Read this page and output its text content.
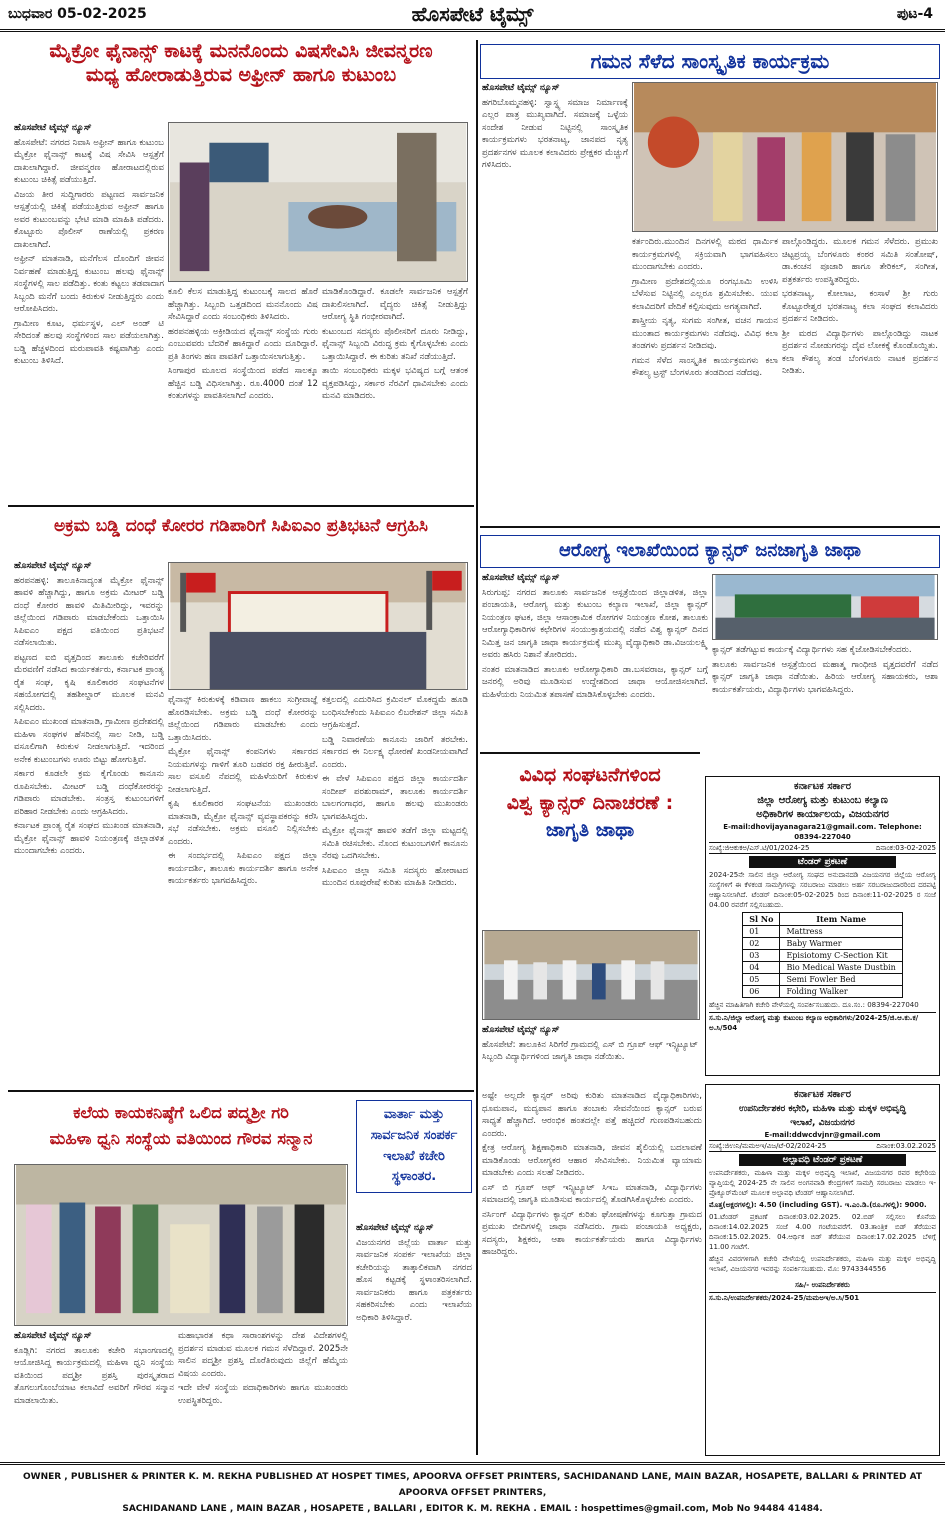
ಬುಧವಾರ 05-02-2025	ಹೊಸಪೇಟೆ ಟೈಮ್ಸ್	ಪುಟ-4
ಮೈಕ್ರೋ ಫೈನಾನ್ಸ್ ಕಾಟಕ್ಕೆ ಮನನೊಂದು ವಿಷಸೇವಿಸಿ ಜೀವನ್ಮರಣ
ಮಧ್ಯ ಹೋರಾಡುತ್ತಿರುವ ಅಫ್ರೀನ್ ಹಾಗೂ ಕುಟುಂಬ
ಹೊಸಪೇಟೆ ಟೈಮ್ಸ್ ನ್ಯೂಸ್

ಹೊಸಪೇಟೆ: ನಗರದ ನಿವಾಸಿ ಅಫ್ರೀನ್ ಹಾಗೂ ಕುಟುಂಬ ಮೈಕ್ರೋ ಫೈನಾನ್ಸ್ ಕಾಟಕ್ಕೆ ವಿಷ ಸೇವಿಸಿ ಆಸ್ಪತ್ರೆಗೆ ದಾಖಲಾಗಿದ್ದಾರೆ. ಜೀವನ್ಮರಣ ಹೋರಾಟದಲ್ಲಿರುವ ಕುಟುಂಬ ಚಿಕಿತ್ಸೆ ಪಡೆಯುತ್ತಿದೆ.

ವಿಜಯ ತೀರ ಸುದ್ದಿಗಾರರು ಪಟ್ಟಣದ ಸಾರ್ವಜನಿಕ ಆಸ್ಪತ್ರೆಯಲ್ಲಿ ಚಿಕಿತ್ಸೆ ಪಡೆಯುತ್ತಿರುವ ಅಫ್ರೀನ್ ಹಾಗೂ ಅವರ ಕುಟುಂಬವನ್ನು ಭೇಟಿ ಮಾಡಿ ಮಾಹಿತಿ ಪಡೆದರು. ಕೊಟ್ಟೂರು ಪೊಲೀಸ್ ಠಾಣೆಯಲ್ಲಿ ಪ್ರಕರಣ ದಾಖಲಾಗಿದೆ.

ಅಫ್ರೀನ್ ಮಾತನಾಡಿ, ಮನೆಗೆಲಸ ದೊಂದಿಗೆ ಜೀವನ ನಿರ್ವಹಣೆ ಮಾಡುತ್ತಿದ್ದ ಕುಟುಂಬ ಹಲವು ಫೈನಾನ್ಸ್ ಸಂಸ್ಥೆಗಳಲ್ಲಿ ಸಾಲ ಪಡೆದಿತ್ತು. ಕಂತು ಕಟ್ಟಲು ತಡವಾದಾಗ ಸಿಬ್ಬಂದಿ ಮನೆಗೆ ಬಂದು ಕಿರುಕುಳ ನೀಡುತ್ತಿದ್ದರು ಎಂದು ಆರೋಪಿಸಿದರು.

ಗ್ರಾಮೀಣ ಕೂಟ, ಧರ್ಮಸ್ಥಳ, ಎಲ್ ಅಂಡ್ ಟಿ ಸೇರಿದಂತೆ ಹಲವು ಸಂಸ್ಥೆಗಳಿಂದ ಸಾಲ ಪಡೆಯಲಾಗಿತ್ತು. ಬಡ್ಡಿ ಹೆಚ್ಚಳದಿಂದ ಮರುಪಾವತಿ ಕಷ್ಟವಾಗಿತ್ತು ಎಂದು ಕುಟುಂಬ ತಿಳಿಸಿದೆ.

ಕೂಲಿ ಕೆಲಸ ಮಾಡುತ್ತಿದ್ದ ಕುಟುಂಬಕ್ಕೆ ಸಾಲದ ಹೊರೆ ಹೆಚ್ಚಾಗಿತ್ತು. ಸಿಬ್ಬಂದಿ ಒತ್ತಡದಿಂದ ಮನನೊಂದು ವಿಷ ಸೇವಿಸಿದ್ದಾರೆ ಎಂದು ಸಂಬಂಧಿಕರು ತಿಳಿಸಿದರು.

ಹರಪನಹಳ್ಳಿಯ ಅಕ್ರೀಡಿಯದ ಫೈನಾನ್ಸ್ ಸಂಸ್ಥೆಯ ಗುರು ಎಂಬುವವರು ಬೆದರಿಕೆ ಹಾಕಿದ್ದಾರೆ ಎಂದು ದೂರಿದ್ದಾರೆ. ಪ್ರತಿ ತಿಂಗಳು ಹಣ ಪಾವತಿಗೆ ಒತ್ತಾಯಿಸಲಾಗುತ್ತಿತ್ತು.

ಸಿಂಗಾಪುರ ಮೂಲದ ಸಂಸ್ಥೆಯಿಂದ ಪಡೆದ ಸಾಲಕ್ಕೂ ಹೆಚ್ಚಿನ ಬಡ್ಡಿ ವಿಧಿಸಲಾಗಿತ್ತು. ರೂ.4000 ದಂತೆ 12 ಕಂತುಗಳನ್ನು ಪಾವತಿಸಲಾಗಿದೆ ಎಂದರು.

ಮಾಡಿಕೊಂಡಿದ್ದಾರೆ. ಕೂಡಲೇ ಸಾರ್ವಜನಿಕ ಆಸ್ಪತ್ರೆಗೆ ದಾಖಲಿಸಲಾಗಿದೆ. ವೈದ್ಯರು ಚಿಕಿತ್ಸೆ ನೀಡುತ್ತಿದ್ದು ಆರೋಗ್ಯ ಸ್ಥಿತಿ ಗಂಭೀರವಾಗಿದೆ.

ಕುಟುಂಬದ ಸದಸ್ಯರು ಪೊಲೀಸರಿಗೆ ದೂರು ನೀಡಿದ್ದು, ಫೈನಾನ್ಸ್ ಸಿಬ್ಬಂದಿ ವಿರುದ್ಧ ಕ್ರಮ ಕೈಗೊಳ್ಳಬೇಕು ಎಂದು ಒತ್ತಾಯಿಸಿದ್ದಾರೆ. ಈ ಕುರಿತು ತನಿಖೆ ನಡೆಯುತ್ತಿದೆ.

ತಾಯಿ ಸಂಬಂಧಿಕರು ಮಕ್ಕಳ ಭವಿಷ್ಯದ ಬಗ್ಗೆ ಆತಂಕ ವ್ಯಕ್ತಪಡಿಸಿದ್ದು, ಸರ್ಕಾರ ನೆರವಿಗೆ ಧಾವಿಸಬೇಕು ಎಂದು ಮನವಿ ಮಾಡಿದರು.

ಗಮನ ಸೆಳೆದ ಸಾಂಸ್ಕೃತಿಕ ಕಾರ್ಯಕ್ರಮ
ಹೊಸಪೇಟೆ ಟೈಮ್ಸ್ ನ್ಯೂಸ್

ಹಗರಿಬೊಮ್ಮನಹಳ್ಳಿ: ಸ್ವಾಸ್ಥ್ಯ ಸಮಾಜ ನಿರ್ಮಾಣಕ್ಕೆ ಎಲ್ಲರ ಪಾತ್ರ ಮುಖ್ಯವಾಗಿದೆ. ಸಮಾಜಕ್ಕೆ ಒಳ್ಳೆಯ ಸಂದೇಶ ನೀಡುವ ನಿಟ್ಟಿನಲ್ಲಿ ಸಾಂಸ್ಕೃತಿಕ ಕಾರ್ಯಕ್ರಮಗಳು ಭರತನಾಟ್ಯ, ಜಾನಪದ ನೃತ್ಯ ಪ್ರದರ್ಶನಗಳ ಮೂಲಕ ಕಲಾವಿದರು ಪ್ರೇಕ್ಷಕರ ಮೆಚ್ಚುಗೆ ಗಳಿಸಿದರು.

ಕರ್ತಂದಿರು.ಮುಂದಿನ ದಿನಗಳಲ್ಲಿ ಮಠದ ಧಾರ್ಮಿಕ ಕಾರ್ಯಕ್ರಮಗಳಲ್ಲಿ ಸಕ್ರಿಯವಾಗಿ ಭಾಗವಹಿಸಲು ಮುಂದಾಗಬೇಕು ಎಂದರು.

ಗ್ರಾಮೀಣ ಪ್ರದೇಶದಲ್ಲಿಯೂ ರಂಗಭೂಮಿ ಉಳಿಸಿ ಬೆಳೆಸುವ ನಿಟ್ಟಿನಲ್ಲಿ ಎಲ್ಲರೂ ಶ್ರಮಿಸಬೇಕು. ಯುವ ಕಲಾವಿದರಿಗೆ ವೇದಿಕೆ ಕಲ್ಪಿಸುವುದು ಅಗತ್ಯವಾಗಿದೆ.

ಶಾಸ್ತ್ರೀಯ ನೃತ್ಯ, ಸುಗಮ ಸಂಗೀತ, ವಚನ ಗಾಯನ ಮುಂತಾದ ಕಾರ್ಯಕ್ರಮಗಳು ನಡೆದವು. ವಿವಿಧ ಕಲಾ ತಂಡಗಳು ಪ್ರದರ್ಶನ ನೀಡಿದವು.

ಗಮನ ಸೆಳೆದ ಸಾಂಸ್ಕೃತಿಕ ಕಾರ್ಯಕ್ರಮಗಳು ಕಲಾ ಕೌಶಲ್ಯ ಟ್ರಸ್ಟ್ ಬೆಂಗಳೂರು ತಂಡದಿಂದ ನಡೆದವು.

ಪಾಲ್ಗೊಂಡಿದ್ದರು. ಮೂಲಕ ಗಮನ ಸೆಳೆದರು. ಪ್ರಮುಖ ಚಿಟ್ಟಪ್ರಯ್ಯ ಬೆಂಗಳೂರು ಕಂಠರ ಸಮಿತಿ ಸಂತೋಷ್, ಡಾ.ಕಂಚನ ಪೂಜಾರಿ ಹಾಗೂ ತೇರಿಕಲ್, ಸಂಗೀತ, ಪತ್ರಕರ್ತರು ಉಪಸ್ಥಿತರಿದ್ದರು.

ಭರತನಾಟ್ಯ, ಕೋಲಾಟ, ಕಂಸಾಳೆ ಶ್ರೀ ಗುರು ಕೊಟ್ಟೂರೇಶ್ವರ ಭರತನಾಟ್ಯ ಕಲಾ ಸಂಘದ ಕಲಾವಿದರು ಪ್ರದರ್ಶನ ನೀಡಿದರು.

ಶ್ರೀ ಮಠದ ವಿದ್ಯಾರ್ಥಿಗಳು ಪಾಲ್ಗೊಂಡಿದ್ದು ನಾಟಕ ಪ್ರದರ್ಶನ ನೋಡುಗರನ್ನು ದೈವ ಲೋಕಕ್ಕೆ ಕೊಂಡೊಯ್ದಿತು. ಕಲಾ ಕೌಶಲ್ಯ ತಂಡ ಬೆಂಗಳೂರು ನಾಟಕ ಪ್ರದರ್ಶನ ನೀಡಿತು.

ಅಕ್ರಮ ಬಡ್ಡಿ ದಂಧೆ ಕೋರರ ಗಡಿಪಾರಿಗೆ ಸಿಪಿಐಎಂ ಪ್ರತಿಭಟನೆ ಆಗ್ರಹಿಸಿ
ಹೊಸಪೇಟೆ ಟೈಮ್ಸ್ ನ್ಯೂಸ್

ಹರಪನಹಳ್ಳಿ: ತಾಲೂಕಿನಾದ್ಯಂತ ಮೈಕ್ರೋ ಫೈನಾನ್ಸ್ ಹಾವಳಿ ಹೆಚ್ಚಾಗಿದ್ದು, ಹಾಗೂ ಅಕ್ರಮ ಮೀಟರ್ ಬಡ್ಡಿ ದಂಧೆ ಕೋರರ ಹಾವಳಿ ಮಿತಿಮೀರಿದ್ದು, ಇವರನ್ನು ಜಿಲ್ಲೆಯಿಂದ ಗಡಿಪಾರು ಮಾಡಬೇಕೆಂದು ಒತ್ತಾಯಿಸಿ ಸಿಪಿಐಎಂ ಪಕ್ಷದ ವತಿಯಿಂದ ಪ್ರತಿಭಟನೆ ನಡೆಸಲಾಯಿತು.

ಪಟ್ಟಣದ ಐಬಿ ವೃತ್ತದಿಂದ ತಾಲೂಕು ಕಚೇರಿವರೆಗೆ ಮೆರವಣಿಗೆ ನಡೆಸಿದ ಕಾರ್ಯಕರ್ತರು, ಕರ್ನಾಟಕ ಪ್ರಾಂತ್ಯ ರೈತ ಸಂಘ, ಕೃಷಿ ಕೂಲಿಕಾರರ ಸಂಘಟನೆಗಳ ಸಹಯೋಗದಲ್ಲಿ ತಹಶೀಲ್ದಾರ್ ಮೂಲಕ ಮನವಿ ಸಲ್ಲಿಸಿದರು.

ಸಿಪಿಐಎಂ ಮುಖಂಡ ಮಾತನಾಡಿ, ಗ್ರಾಮೀಣ ಪ್ರದೇಶದಲ್ಲಿ ಮಹಿಳಾ ಸಂಘಗಳ ಹೆಸರಿನಲ್ಲಿ ಸಾಲ ನೀಡಿ, ಬಡ್ಡಿ ವಸೂಲಿಗಾಗಿ ಕಿರುಕುಳ ನೀಡಲಾಗುತ್ತಿದೆ. ಇದರಿಂದ ಅನೇಕ ಕುಟುಂಬಗಳು ಊರು ಬಿಟ್ಟು ಹೋಗುತ್ತಿವೆ.

ಸರ್ಕಾರ ಕೂಡಲೇ ಕ್ರಮ ಕೈಗೊಂಡು ಕಾನೂನು ರೂಪಿಸಬೇಕು. ಮೀಟರ್ ಬಡ್ಡಿ ದಂಧೆಕೋರರನ್ನು ಗಡಿಪಾರು ಮಾಡಬೇಕು. ಸಂತ್ರಸ್ತ ಕುಟುಂಬಗಳಿಗೆ ಪರಿಹಾರ ನೀಡಬೇಕು ಎಂದು ಆಗ್ರಹಿಸಿದರು.

ಕರ್ನಾಟಕ ಪ್ರಾಂತ್ಯ ರೈತ ಸಂಘದ ಮುಖಂಡ ಮಾತನಾಡಿ, ಮೈಕ್ರೋ ಫೈನಾನ್ಸ್ ಹಾವಳಿ ನಿಯಂತ್ರಣಕ್ಕೆ ಜಿಲ್ಲಾಡಳಿತ ಮುಂದಾಗಬೇಕು ಎಂದರು.

ಫೈನಾನ್ಸ್ ಕಿರುಕುಳಕ್ಕೆ ಕಡಿವಾಣ ಹಾಕಲು ಸುಗ್ರೀವಾಜ್ಞೆ ಹೊರಡಿಸಬೇಕು. ಅಕ್ರಮ ಬಡ್ಡಿ ದಂಧೆ ಕೋರರನ್ನು ಜಿಲ್ಲೆಯಿಂದ ಗಡಿಪಾರು ಮಾಡಬೇಕು ಎಂದು ಒತ್ತಾಯಿಸಿದರು.

ಮೈಕ್ರೋ ಫೈನಾನ್ಸ್ ಕಂಪನಿಗಳು ಸರ್ಕಾರದ ನಿಯಮಗಳನ್ನು ಗಾಳಿಗೆ ತೂರಿ ಬಡವರ ರಕ್ತ ಹೀರುತ್ತಿವೆ. ಸಾಲ ವಸೂಲಿ ನೆಪದಲ್ಲಿ ಮಹಿಳೆಯರಿಗೆ ಕಿರುಕುಳ ನೀಡಲಾಗುತ್ತಿದೆ.

ಕೃಷಿ ಕೂಲಿಕಾರರ ಸಂಘಟನೆಯ ಮುಖಂಡರು ಮಾತನಾಡಿ, ಮೈಕ್ರೋ ಫೈನಾನ್ಸ್ ವ್ಯವಸ್ಥಾಪಕರನ್ನು ಕರೆಸಿ ಸಭೆ ನಡೆಸಬೇಕು. ಅಕ್ರಮ ವಸೂಲಿ ನಿಲ್ಲಿಸಬೇಕು ಎಂದರು.

ಈ ಸಂದರ್ಭದಲ್ಲಿ ಸಿಪಿಐಎಂ ಪಕ್ಷದ ಜಿಲ್ಲಾ ಕಾರ್ಯದರ್ಶಿ, ತಾಲೂಕು ಕಾರ್ಯದರ್ಶಿ ಹಾಗೂ ಅನೇಕ ಕಾರ್ಯಕರ್ತರು ಭಾಗವಹಿಸಿದ್ದರು.

ಕತ್ತಲದಲ್ಲಿ ಎದುರಿಸಿದ ಕ್ರಮಿನಲ್ ಮೊಕದ್ದಮೆ ಹೂಡಿ ಬಂಧಿಸಬೇಕೆಂದು ಸಿಪಿಐಎಂ ಲಿಬರೇಶನ್ ಜಿಲ್ಲಾ ಸಮಿತಿ ಆಗ್ರಹಿಸುತ್ತದೆ.

ಬಡ್ಡಿ ನಿವಾರಣೆಯ ಕಾನೂನು ಜಾರಿಗೆ ತರಬೇಕು. ಸರ್ಕಾರದ ಈ ನಿರ್ಲಕ್ಷ್ಯ ಧೋರಣೆ ಖಂಡನೀಯವಾಗಿದೆ ಎಂದರು.

ಈ ವೇಳೆ ಸಿಪಿಐಎಂ ಪಕ್ಷದ ಜಿಲ್ಲಾ ಕಾರ್ಯದರ್ಶಿ ಸಂದೀಪ್ ಪರಶುರಾಮ್, ತಾಲೂಕು ಕಾರ್ಯದರ್ಶಿ ಬಾಲಗಂಗಾಧರ, ಹಾಗೂ ಹಲವು ಮುಖಂಡರು ಭಾಗವಹಿಸಿದ್ದರು.

ಮೈಕ್ರೋ ಫೈನಾನ್ಸ್ ಹಾವಳಿ ತಡೆಗೆ ಜಿಲ್ಲಾ ಮಟ್ಟದಲ್ಲಿ ಸಮಿತಿ ರಚಿಸಬೇಕು. ನೊಂದ ಕುಟುಂಬಗಳಿಗೆ ಕಾನೂನು ನೆರವು ಒದಗಿಸಬೇಕು.

ಸಿಪಿಐಎಂ ಜಿಲ್ಲಾ ಸಮಿತಿ ಸದಸ್ಯರು ಹೋರಾಟದ ಮುಂದಿನ ರೂಪುರೇಷೆ ಕುರಿತು ಮಾಹಿತಿ ನೀಡಿದರು.

ಆರೋಗ್ಯ ಇಲಾಖೆಯಿಂದ ಕ್ಯಾನ್ಸರ್ ಜನಜಾಗೃತಿ ಜಾಥಾ
ಹೊಸಪೇಟೆ ಟೈಮ್ಸ್ ನ್ಯೂಸ್

ಸಿರುಗುಪ್ಪ: ನಗರದ ತಾಲೂಕು ಸಾರ್ವಜನಿಕ ಆಸ್ಪತ್ರೆಯಿಂದ ಜಿಲ್ಲಾಡಳಿತ, ಜಿಲ್ಲಾ ಪಂಚಾಯತಿ, ಆರೋಗ್ಯ ಮತ್ತು ಕುಟುಂಬ ಕಲ್ಯಾಣ ಇಲಾಖೆ, ಜಿಲ್ಲಾ ಕ್ಯಾನ್ಸರ್ ನಿಯಂತ್ರಣ ಘಟಕ, ಜಿಲ್ಲಾ ಆಸಾಂಕ್ರಾಮಿಕ ರೋಗಗಳ ನಿಯಂತ್ರಣ ಕೋಶ, ತಾಲೂಕು ಆರೋಗ್ಯಾಧಿಕಾರಿಗಳ ಕಛೇರಿಗಳ ಸಂಯುಕ್ತಾಶ್ರಯದಲ್ಲಿ ನಡೆದ ವಿಶ್ವ ಕ್ಯಾನ್ಸರ್ ದಿನದ ನಿಮಿತ್ತ ಜನ ಜಾಗೃತಿ ಜಾಥಾ ಕಾರ್ಯಕ್ರಮಕ್ಕೆ ಮುಖ್ಯ ವೈದ್ಯಾಧಿಕಾರಿ ಡಾ.ವಿಜಯಲಕ್ಷ್ಮಿ ಅವರು ಹಸಿರು ನಿಶಾನೆ ತೋರಿದರು.

ನಂತರ ಮಾತನಾಡಿದ ತಾಲೂಕು ಆರೋಗ್ಯಾಧಿಕಾರಿ ಡಾ.ಬಸವರಾಜ, ಕ್ಯಾನ್ಸರ್ ಬಗ್ಗೆ ಜನರಲ್ಲಿ ಅರಿವು ಮೂಡಿಸುವ ಉದ್ದೇಶದಿಂದ ಜಾಥಾ ಆಯೋಜಿಸಲಾಗಿದೆ. ಮಹಿಳೆಯರು ನಿಯಮಿತ ತಪಾಸಣೆ ಮಾಡಿಸಿಕೊಳ್ಳಬೇಕು ಎಂದರು.

ಕ್ಯಾನ್ಸರ್ ತಡೆಗಟ್ಟುವ ಕಾರ್ಯಕ್ಕೆ ವಿದ್ಯಾರ್ಥಿಗಳು ಸಹ ಕೈಜೋಡಿಸಬೇಕೆಂದರು.

ತಾಲೂಕು ಸಾರ್ವಜನಿಕ ಆಸ್ಪತ್ರೆಯಿಂದ ಮಹಾತ್ಮ ಗಾಂಧೀಜಿ ವೃತ್ತದವರೆಗೆ ನಡೆದ ಕ್ಯಾನ್ಸರ್ ಜಾಗೃತಿ ಜಾಥಾ ನಡೆಯಿತು. ಹಿರಿಯ ಆರೋಗ್ಯ ಸಹಾಯಕರು, ಆಶಾ ಕಾರ್ಯಕರ್ತೆಯರು, ವಿದ್ಯಾರ್ಥಿಗಳು ಭಾಗವಹಿಸಿದ್ದರು.

ವಿವಿಧ ಸಂಘಟನೆಗಳಿಂದ
ವಿಶ್ವ ಕ್ಯಾನ್ಸರ್ ದಿನಾಚರಣೆ :
ಜಾಗೃತಿ ಜಾಥಾ
ಹೊಸಪೇಟೆ ಟೈಮ್ಸ್ ನ್ಯೂಸ್

ಹೊಸಪೇಟೆ: ತಾಲೂಕಿನ ಸಿರಿಗೆರೆ ಗ್ರಾಮದಲ್ಲಿ ಎಸ್ ಬಿ ಗ್ರೂಪ್ ಆಫ್ ಇನ್ಸ್ಟಿಟ್ಯೂಟ್ ಸಿಬ್ಬಂದಿ ವಿದ್ಯಾರ್ಥಿಗಳಿಂದ ಜಾಗೃತಿ ಜಾಥಾ ನಡೆಯಿತು.

ಅಷ್ಟೇ ಅಲ್ಲದೇ ಕ್ಯಾನ್ಸರ್ ಅರಿವು ಕುರಿತು ಮಾತನಾಡಿದ ವೈದ್ಯಾಧಿಕಾರಿಗಳು, ಧೂಮಪಾನ, ಮದ್ಯಪಾನ ಹಾಗೂ ತಂಬಾಕು ಸೇವನೆಯಿಂದ ಕ್ಯಾನ್ಸರ್ ಬರುವ ಸಾಧ್ಯತೆ ಹೆಚ್ಚಾಗಿದೆ. ಆರಂಭಿಕ ಹಂತದಲ್ಲೇ ಪತ್ತೆ ಹಚ್ಚಿದರೆ ಗುಣಪಡಿಸಬಹುದು ಎಂದರು.

ಕ್ಷೇತ್ರ ಆರೋಗ್ಯ ಶಿಕ್ಷಣಾಧಿಕಾರಿ ಮಾತನಾಡಿ, ಜೀವನ ಶೈಲಿಯಲ್ಲಿ ಬದಲಾವಣೆ ಮಾಡಿಕೊಂಡು ಆರೋಗ್ಯಕರ ಆಹಾರ ಸೇವಿಸಬೇಕು. ನಿಯಮಿತ ವ್ಯಾಯಾಮ ಮಾಡಬೇಕು ಎಂದು ಸಲಹೆ ನೀಡಿದರು.

ಎಸ್ ಬಿ ಗ್ರೂಪ್ ಆಫ್ ಇನ್ಸ್ಟಿಟ್ಯೂಟ್ ಸಿಇಒ ಮಾತನಾಡಿ, ವಿದ್ಯಾರ್ಥಿಗಳು ಸಮಾಜದಲ್ಲಿ ಜಾಗೃತಿ ಮೂಡಿಸುವ ಕಾರ್ಯದಲ್ಲಿ ತೊಡಗಿಸಿಕೊಳ್ಳಬೇಕು ಎಂದರು.

ನರ್ಸಿಂಗ್ ವಿದ್ಯಾರ್ಥಿಗಳು ಕ್ಯಾನ್ಸರ್ ಕುರಿತು ಘೋಷಣೆಗಳನ್ನು ಕೂಗುತ್ತಾ ಗ್ರಾಮದ ಪ್ರಮುಖ ಬೀದಿಗಳಲ್ಲಿ ಜಾಥಾ ನಡೆಸಿದರು. ಗ್ರಾಮ ಪಂಚಾಯತಿ ಅಧ್ಯಕ್ಷರು, ಸದಸ್ಯರು, ಶಿಕ್ಷಕರು, ಆಶಾ ಕಾರ್ಯಕರ್ತೆಯರು ಹಾಗೂ ವಿದ್ಯಾರ್ಥಿಗಳು ಹಾಜರಿದ್ದರು.

ಕರ್ನಾಟಕ ಸರ್ಕಾರ
ಜಿಲ್ಲಾ ಆರೋಗ್ಯ ಮತ್ತು ಕುಟುಂಬ ಕಲ್ಯಾಣ
ಅಧಿಕಾರಿಗಳ ಕಾರ್ಯಾಲಯ, ವಿಜಯನಗರ
E-mail:dhovijayanagara21@gmail.com. Telephone: 08394-227040
ಸಂಖ್ಯೆ:ಜಿಆಕುಕಅ/ಎಸ್.ಟಿ/01/2024-25	ದಿನಾಂಕ:03-02-2025
ಟೆಂಡರ್ ಪ್ರಕಟಣೆ
2024-25ನೇ ಸಾಲಿನ ಜಿಲ್ಲಾ ಆರೋಗ್ಯ ಸಂಘದ ಅನುದಾನದಡಿ ವಿಜಯನಗರ ಜಿಲ್ಲೆಯ ಆರೋಗ್ಯ ಸಂಸ್ಥೆಗಳಿಗೆ ಈ ಕೆಳಕಂಡ ಸಾಮಗ್ರಿಗಳನ್ನು ಸರಬರಾಜು ಮಾಡಲು ಅರ್ಹ ಸರಬರಾಜುದಾರರಿಂದ ದರಪಟ್ಟಿ ಆಹ್ವಾನಿಸಲಾಗಿದೆ. ಟೆಂಡರ್ ದಿನಾಂಕ:05-02-2025 ರಿಂದ ದಿನಾಂಕ:11-02-2025 ರ ಸಂಜೆ 04.00 ರವರೆಗೆ ಸಲ್ಲಿಸಬಹುದು.
Sl No	Item Name
01	Mattress
02	Baby Warmer
03	Episiotomy C-Section Kit
04	Bio Medical Waste Dustbin
05	Semi Fowler Bed
06	Folding Walker
ಹೆಚ್ಚಿನ ಮಾಹಿತಿಗಾಗಿ ಕಚೇರಿ ವೇಳೆಯಲ್ಲಿ ಸಂಪರ್ಕಿಸಬಹುದು. ದೂ.ಸಂ.: 08394-227040
ಸ.ಸು.ನಿ/ಜಿಲ್ಲಾ ಆರೋಗ್ಯ ಮತ್ತು ಕುಟುಂಬ ಕಲ್ಯಾಣ ಅಧಿಕಾರಿಗಳು/2024-25/ಜಿ.ಆ.ಕು.ಕ/ಅ.ಸಿ/504
ಕರ್ನಾಟಕ ಸರ್ಕಾರ
ಉಪನಿರ್ದೇಶಕರ ಕಛೇರಿ, ಮಹಿಳಾ ಮತ್ತು ಮಕ್ಕಳ ಅಭಿವೃದ್ಧಿ
ಇಲಾಖೆ, ವಿಜಯನಗರ
E-mail:ddwcdvjnr@gmail.com
ಸಂಖ್ಯೆ:ಜಿಉನಿ/ಮಮಅಇ/ವಿಜ/ಟೆ-02/2024-25	ದಿನಾಂಕ:03.02.2025
ಅಲ್ಪಾವಧಿ ಟೆಂಡರ್ ಪ್ರಕಟಣೆ
ಉಪನಿರ್ದೇಶಕರು, ಮಹಿಳಾ ಮತ್ತು ಮಕ್ಕಳ ಅಭಿವೃದ್ಧಿ ಇಲಾಖೆ, ವಿಜಯನಗರ ರವರ ಕಛೇರಿಯ ವ್ಯಾಪ್ತಿಯಲ್ಲಿ 2024-25 ನೇ ಸಾಲಿನ ಅಂಗನವಾಡಿ ಕೇಂದ್ರಗಳಿಗೆ ಸಾಮಗ್ರಿ ಸರಬರಾಜು ಮಾಡಲು ಇ-ಪ್ರೊಕ್ಯೂರ್‌ಮೆಂಟ್ ಮೂಲಕ ಅಲ್ಪಾವಧಿ ಟೆಂಡರ್ ಆಹ್ವಾನಿಸಲಾಗಿದೆ.
ಮೊತ್ತ(ಅಕ್ಷರಗಳಲ್ಲಿ): 4.50 (including GST). ಇ.ಎಂ.ಡಿ.(ರೂ.ಗಳಲ್ಲಿ): 9000.
01.ಟೆಂಡರ್ ಪ್ರಕಟಣೆ ದಿನಾಂಕ:03.02.2025. 02.ಬಿಡ್ ಸಲ್ಲಿಸಲು ಕೊನೆಯ ದಿನಾಂಕ:14.02.2025 ಸಂಜೆ 4.00 ಗಂಟೆಯವರೆಗೆ. 03.ತಾಂತ್ರಿಕ ಬಿಡ್ ತೆರೆಯುವ ದಿನಾಂಕ:15.02.2025. 04.ಆರ್ಥಿಕ ಬಿಡ್ ತೆರೆಯುವ ದಿನಾಂಕ:17.02.2025 ಬೆಳಿಗ್ಗೆ 11.00 ಗಂಟೆಗೆ.
ಹೆಚ್ಚಿನ ವಿವರಗಳಿಗಾಗಿ ಕಚೇರಿ ವೇಳೆಯಲ್ಲಿ ಉಪನಿರ್ದೇಶಕರು, ಮಹಿಳಾ ಮತ್ತು ಮಕ್ಕಳ ಅಭಿವೃದ್ಧಿ ಇಲಾಖೆ, ವಿಜಯನಗರ ಇವರನ್ನು ಸಂಪರ್ಕಿಸಬಹುದು. ಮೊ: 9743344556
ಸಹಿ/- ಉಪನಿರ್ದೇಶಕರು
ಸ.ಸು.ನಿ/ಉಪನಿರ್ದೇಶಕರು/2024-25/ಮಮಅಇ/ಅ.ಸಿ/501
ಕಲೆಯ ಕಾಯಕನಿಷ್ಠೆಗೆ ಒಲಿದ ಪದ್ಮಶ್ರೀ ಗರಿ
ಮಹಿಳಾ ಧ್ವನಿ ಸಂಸ್ಥೆಯ ವತಿಯಿಂದ ಗೌರವ ಸನ್ಮಾನ
ಹೊಸಪೇಟೆ ಟೈಮ್ಸ್ ನ್ಯೂಸ್

ಕೂಡ್ಲಿಗಿ: ನಗರದ ತಾಲೂಕು ಕಚೇರಿ ಸಭಾಂಗಣದಲ್ಲಿ ಆಯೋಜಿಸಿದ್ದ ಕಾರ್ಯಕ್ರಮದಲ್ಲಿ ಮಹಿಳಾ ಧ್ವನಿ ಸಂಸ್ಥೆಯ ವತಿಯಿಂದ ಪದ್ಮಶ್ರೀ ಪ್ರಶಸ್ತಿ ಪುರಸ್ಕೃತರಾದ ತೊಗಲುಗೊಂಬೆಯಾಟ ಕಲಾವಿದೆ ಅವರಿಗೆ ಗೌರವ ಸನ್ಮಾನ ಮಾಡಲಾಯಿತು.

ಮಹಾಭಾರತ ಕಥಾ ಸಾರಾಂಶಗಳನ್ನು ದೇಶ ವಿದೇಶಗಳಲ್ಲಿ ಪ್ರದರ್ಶನ ಮಾಡುವ ಮೂಲಕ ಗಮನ ಸೆಳೆದಿದ್ದಾರೆ. 2025ನೇ ಸಾಲಿನ ಪದ್ಮಶ್ರೀ ಪ್ರಶಸ್ತಿ ದೊರೆತಿರುವುದು ಜಿಲ್ಲೆಗೆ ಹೆಮ್ಮೆಯ ವಿಷಯ ಎಂದರು.

ಇದೇ ವೇಳೆ ಸಂಸ್ಥೆಯ ಪದಾಧಿಕಾರಿಗಳು ಹಾಗೂ ಮುಖಂಡರು ಉಪಸ್ಥಿತರಿದ್ದರು.

ವಾರ್ತಾ ಮತ್ತು ಸಾರ್ವಜನಿಕ ಸಂಪರ್ಕ ಇಲಾಖೆ ಕಚೇರಿ ಸ್ಥಳಾಂತರ.
ಹೊಸಪೇಟೆ ಟೈಮ್ಸ್ ನ್ಯೂಸ್

ವಿಜಯನಗರ ಜಿಲ್ಲೆಯ ವಾರ್ತಾ ಮತ್ತು ಸಾರ್ವಜನಿಕ ಸಂಪರ್ಕ ಇಲಾಖೆಯ ಜಿಲ್ಲಾ ಕಚೇರಿಯನ್ನು ತಾತ್ಕಾಲಿಕವಾಗಿ ನಗರದ ಹೊಸ ಕಟ್ಟಡಕ್ಕೆ ಸ್ಥಳಾಂತರಿಸಲಾಗಿದೆ. ಸಾರ್ವಜನಿಕರು ಹಾಗೂ ಪತ್ರಕರ್ತರು ಸಹಕರಿಸಬೇಕು ಎಂದು ಇಲಾಖೆಯ ಅಧಿಕಾರಿ ತಿಳಿಸಿದ್ದಾರೆ.

OWNER , PUBLISHER & PRINTER K. M. REKHA PUBLISHED AT HOSPET TIMES, APOORVA OFFSET PRINTERS, SACHIDANAND LANE, MAIN BAZAR, HOSAPETE, BALLARI & PRINTED AT APOORVA OFFSET PRINTERS,
SACHIDANAND LANE , MAIN BAZAR , HOSAPETE , BALLARI , EDITOR K. M. REKHA . EMAIL : hospettimes@gmail.com, Mob No 94484 41484.
